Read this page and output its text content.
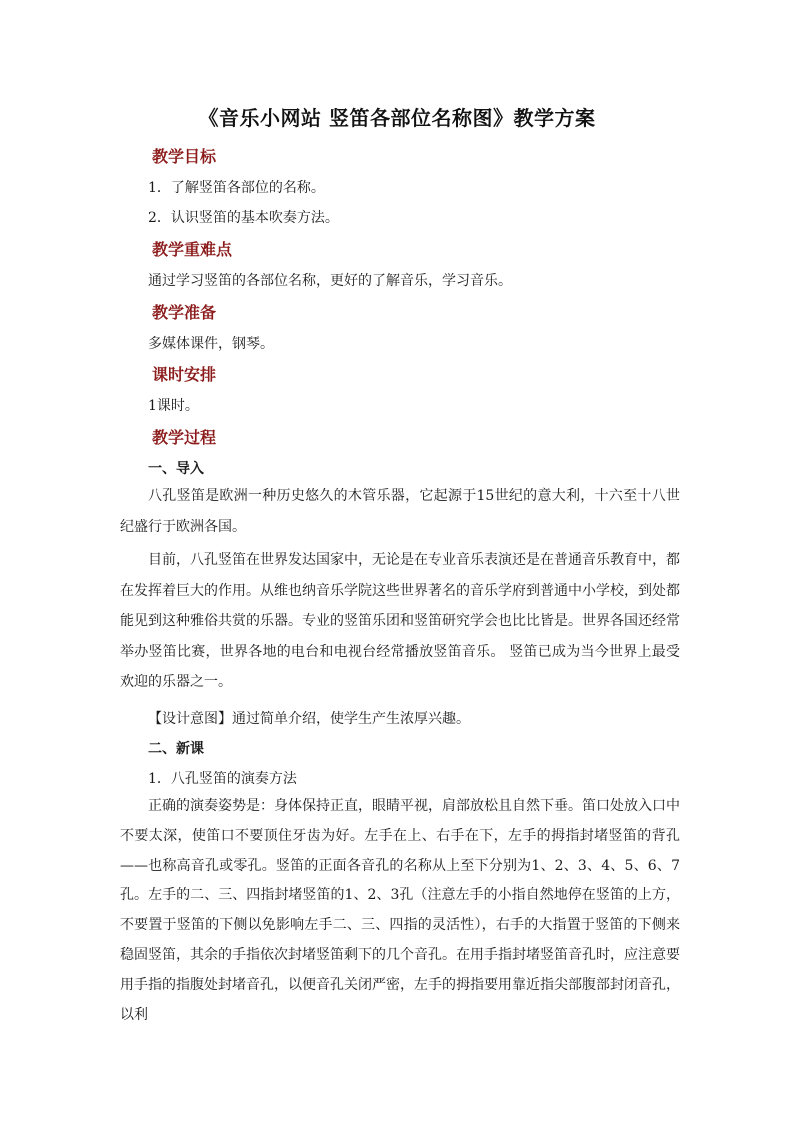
《音乐小网站 竖笛各部位名称图》教学方案
教学目标
1．了解竖笛各部位的名称。
2．认识竖笛的基本吹奏方法。
教学重难点
通过学习竖笛的各部位名称，更好的了解音乐，学习音乐。
教学准备
多媒体课件，钢琴。
课时安排
1课时。
教学过程
一、导入

八孔竖笛是欧洲一种历史悠久的木管乐器，它起源于15世纪的意大利，十六至十八世纪盛行于欧洲各国。

目前，八孔竖笛在世界发达国家中，无论是在专业音乐表演还是在普通音乐教育中，都在发挥着巨大的作用。从维也纳音乐学院这些世界著名的音乐学府到普通中小学校，到处都能见到这种雅俗共赏的乐器。专业的竖笛乐团和竖笛研究学会也比比皆是。世界各国还经常举办竖笛比赛，世界各地的电台和电视台经常播放竖笛音乐。 竖笛已成为当今世界上最受欢迎的乐器之一。

【设计意图】通过简单介绍，使学生产生浓厚兴趣。
二、新课
1．八孔竖笛的演奏方法

正确的演奏姿势是：身体保持正直，眼睛平视，肩部放松且自然下垂。笛口处放入口中不要太深，使笛口不要顶住牙齿为好。左手在上、右手在下，左手的拇指封堵竖笛的背孔——也称高音孔或零孔。竖笛的正面各音孔的名称从上至下分别为1、2、3、4、5、6、7孔。左手的二、三、四指封堵竖笛的1、2、3孔（注意左手的小指自然地停在竖笛的上方，不要置于竖笛的下侧以免影响左手二、三、四指的灵活性），右手的大指置于竖笛的下侧来稳固竖笛，其余的手指依次封堵竖笛剩下的几个音孔。在用手指封堵竖笛音孔时，应注意要用手指的指腹处封堵音孔，以便音孔关闭严密，左手的拇指要用靠近指尖部腹部封闭音孔，以利
